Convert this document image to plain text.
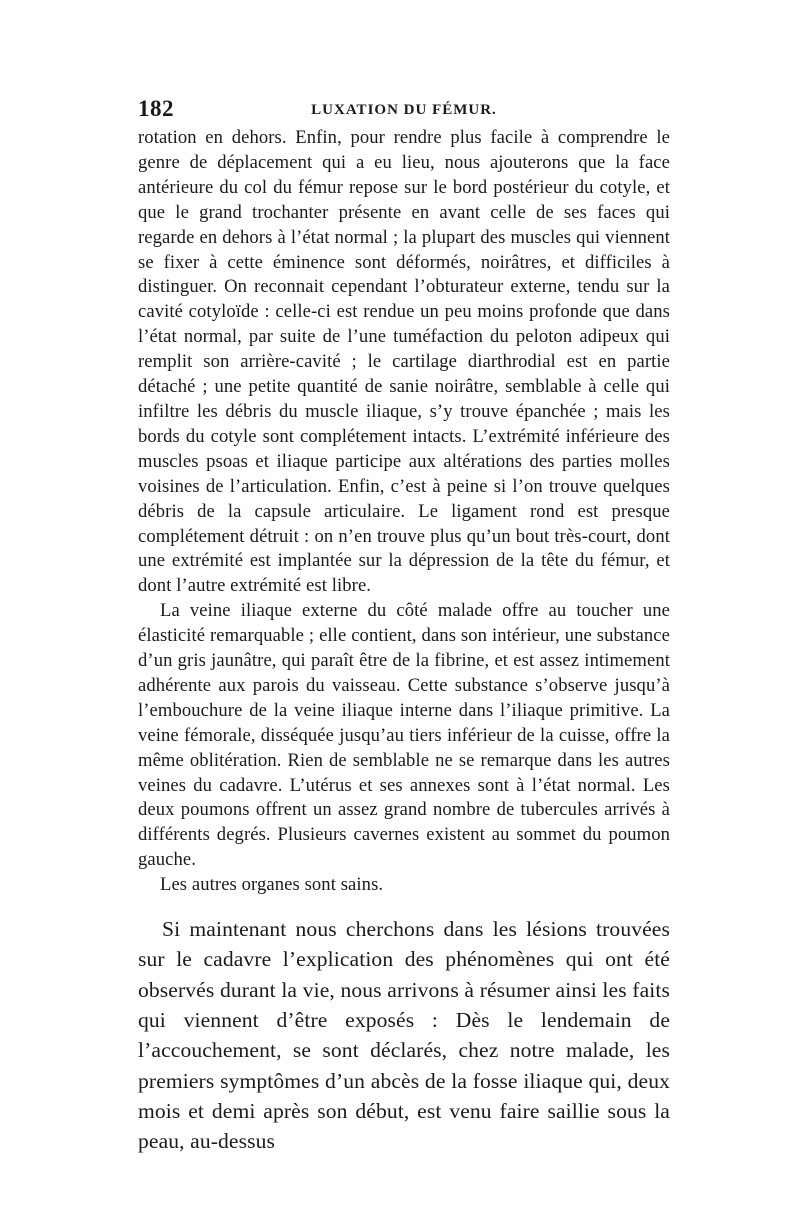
182	LUXATION DU FÉMUR.

rotation en dehors. Enfin, pour rendre plus facile à comprendre le genre de déplacement qui a eu lieu, nous ajouterons que la face antérieure du col du fémur repose sur le bord postérieur du cotyle, et que le grand trochanter présente en avant celle de ses faces qui regarde en dehors à l’état normal ; la plupart des muscles qui viennent se fixer à cette éminence sont déformés, noirâtres, et difficiles à distinguer. On reconnait cependant l’obturateur externe, tendu sur la cavité cotyloïde : celle-ci est rendue un peu moins profonde que dans l’état normal, par suite de l’une tuméfaction du peloton adipeux qui remplit son arrière-cavité ; le cartilage diarthrodial est en partie détaché ; une petite quantité de sanie noirâtre, semblable à celle qui infiltre les débris du muscle iliaque, s’y trouve épanchée ; mais les bords du cotyle sont complétement intacts. L’extrémité inférieure des muscles psoas et iliaque participe aux altérations des parties molles voisines de l’articulation. Enfin, c’est à peine si l’on trouve quelques débris de la capsule articulaire. Le ligament rond est presque complétement détruit : on n’en trouve plus qu’un bout très-court, dont une extrémité est implantée sur la dépression de la tête du fémur, et dont l’autre extrémité est libre.

La veine iliaque externe du côté malade offre au toucher une élasticité remarquable ; elle contient, dans son intérieur, une substance d’un gris jaunâtre, qui paraît être de la fibrine, et est assez intimement adhérente aux parois du vaisseau. Cette substance s’observe jusqu’à l’embouchure de la veine iliaque interne dans l’iliaque primitive. La veine fémorale, disséquée jusqu’au tiers inférieur de la cuisse, offre la même oblitération. Rien de semblable ne se remarque dans les autres veines du cadavre. L’utérus et ses annexes sont à l’état normal. Les deux poumons offrent un assez grand nombre de tubercules arrivés à différents degrés. Plusieurs cavernes existent au sommet du poumon gauche.

Les autres organes sont sains.

Si maintenant nous cherchons dans les lésions trouvées sur le cadavre l’explication des phénomènes qui ont été observés durant la vie, nous arrivons à résumer ainsi les faits qui viennent d’être exposés : Dès le lendemain de l’accouchement, se sont déclarés, chez notre malade, les premiers symptômes d’un abcès de la fosse iliaque qui, deux mois et demi après son début, est venu faire saillie sous la peau, au-dessus
